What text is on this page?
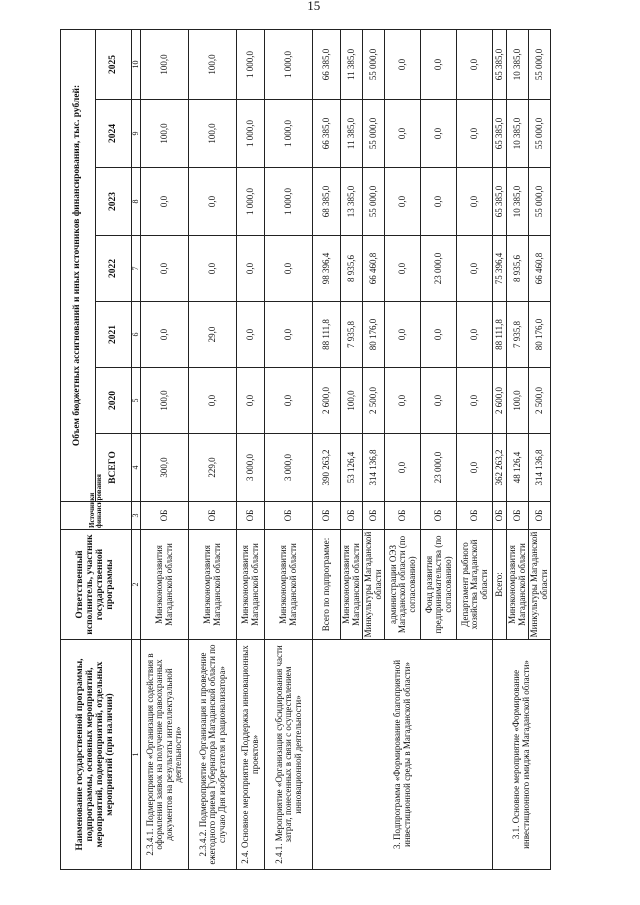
15
Наименование государственной программы, подпрограммы, основных мероприятий, мероприятий, подмероприятий, отдельных мероприятий (при наличии)	Ответственный исполнитель, участник государственной программы	Источники финансирования	Объем бюджетных ассигнований и иных источников финансирования, тыс. рублей:						
			ВСЕГО	2020	2021	2022	2023	2024	2025
1	2	3	4	5	6	7	8	9	10
2.3.4.1. Подмероприятие «Организация содействия в оформлении заявок на получение правоохранных документов на результаты интеллектуальной деятельности»	Минэкономразвития Магаданской области	ОБ	300,0	100,0	0,0	0,0	0,0	100,0	100,0
2.3.4.2. Подмероприятие «Организация и проведение ежегодного приема Губернатора Магаданской области по случаю Дня изобретателя и рационализатора»	Минэкономразвития Магаданской области	ОБ	229,0	0,0	29,0	0,0	0,0	100,0	100,0
2.4. Основное мероприятие «Поддержка инновационных проектов»	Минэкономразвития Магаданской области	ОБ	3 000,0	0,0	0,0	0,0	1 000,0	1 000,0	1 000,0
2.4.1. Мероприятие «Организация субсидирования части затрат, понесенных в связи с осуществлением инновационной деятельности»	Минэкономразвития Магаданской области	ОБ	3 000,0	0,0	0,0	0,0	1 000,0	1 000,0	1 000,0
3. Подпрограмма «Формирование благоприятной инвестиционной среды в Магаданской области»	Всего по подпрограмме:	ОБ	390 263,2	2 600,0	88 111,8	98 396,4	68 385,0	66 385,0	66 385,0
	Минэкономразвития Магаданской области	ОБ	53 126,4	100,0	7 935,8	8 935,6	13 385,0	11 385,0	11 385,0
	Минкультуры Магаданской области	ОБ	314 136,8	2 500,0	80 176,0	66 460,8	55 000,0	55 000,0	55 000,0
	администрации ОЭЗ Магаданской области (по согласованию)	ОБ	0,0	0,0	0,0	0,0	0,0	0,0	0,0
	Фонд развития предпринимательства (по согласованию)	ОБ	23 000,0	0,0	0,0	23 000,0	0,0	0,0	0,0
	Департамент рыбного хозяйства Магаданской области	ОБ	0,0	0,0	0,0	0,0	0,0	0,0	0,0
3.1. Основное мероприятие «Формирование инвестиционного имиджа Магаданской области»	Всего:	ОБ	362 263,2	2 600,0	88 111,8	75 396,4	65 385,0	65 385,0	65 385,0
	Минэкономразвития Магаданской области	ОБ	48 126,4	100,0	7 935,8	8 935,6	10 385,0	10 385,0	10 385,0
	Минкультуры Магаданской области	ОБ	314 136,8	2 500,0	80 176,0	66 460,8	55 000,0	55 000,0	55 000,0
